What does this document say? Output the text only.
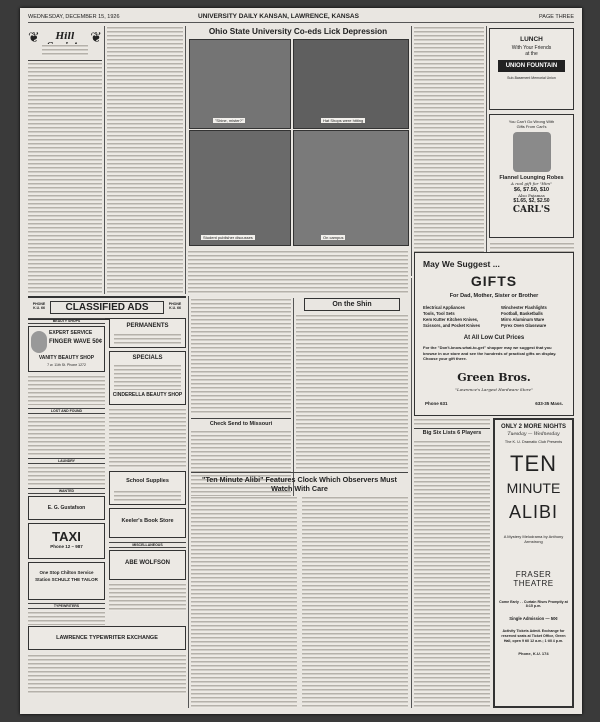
WEDNESDAY, DECEMBER 15, 1926	UNIVERSITY DAILY KANSAN, LAWRENCE, KANSAS	PAGE THREE
❦	❦
Hill
Ohio State University Co-eds Lick Depression
"Shine, mister?"	Hat Shops were hitting
Student publisher discusses	On campus
LUNCH
With Your Friends
at the
UNION FOUNTAIN
Sub-Basement Memorial Union
You Can't Go Wrong With
Gifts From Carl's
Flannel Lounging Robes
A real gift for "Him"
$6, $7.50, $10
Also Pajamas
$1.65, $2, $2.50
CARL'S
PHONE K.U. 66	CLASSIFIED ADS	PHONE K.U. 66
BEAUTY SHOPS
EXPERT SERVICE
FINGER WAVE 50¢
VANITY BEAUTY SHOP
7 w. 11th St. Phone 1272
LOST AND FOUND
LAUNDRY
WANTED
E. G. Gustafson
TAXI
Phone 12 – 987
One Stop Chilton Service Station SCHULZ THE TAILOR
TYPEWRITERS
PERMANENTS
SPECIALS
CINDERELLA BEAUTY SHOP
School Supplies
Keeler's Book Store
MISCELLANEOUS
ABE WOLFSON
LAWRENCE TYPEWRITER EXCHANGE
Check Send to Missouri
On the Shin
"Ten Minute Alibi" Features Clock Which Observers Must Watch With Care
May We Suggest ...
GIFTS
For Dad, Mother, Sister or Brother
Electrical Appliances
Tools, Tool Sets
Kem Kutter Kitchen Knives, Scissors, and Pocket Knives
Winchester Flashlights
Football, Basketballs
Mirro Aluminum Ware
Pyrex Oven Glassware
At All Low Cut Prices
For the "Don't-know-what-to-get" shopper may we suggest that you browse in our store and see the hundreds of practical gifts on display. Choose your gift there.
Green Bros.
"Lawrence's Largest Hardware Store"
Phone 631	633-35 Mass.
Big Six Lists 6 Players
ONLY 2 MORE NIGHTS
Tuesday — Wednesday
The K. U. Dramatic Club Presents
TEN
MINUTE
ALIBI
A Mystery Melodrama by Anthony Armstrong
FRASER THEATRE
Come Early . . Curtain Rises Promptly at 8:15 p.m.
Single Admission — 50¢
Activity Tickets Admit. Exchange for reserved seats at Ticket Office, Green Hall, open 9 till 12 a.m.; 1 till 4 p.m.
Phone, K.U. 174
